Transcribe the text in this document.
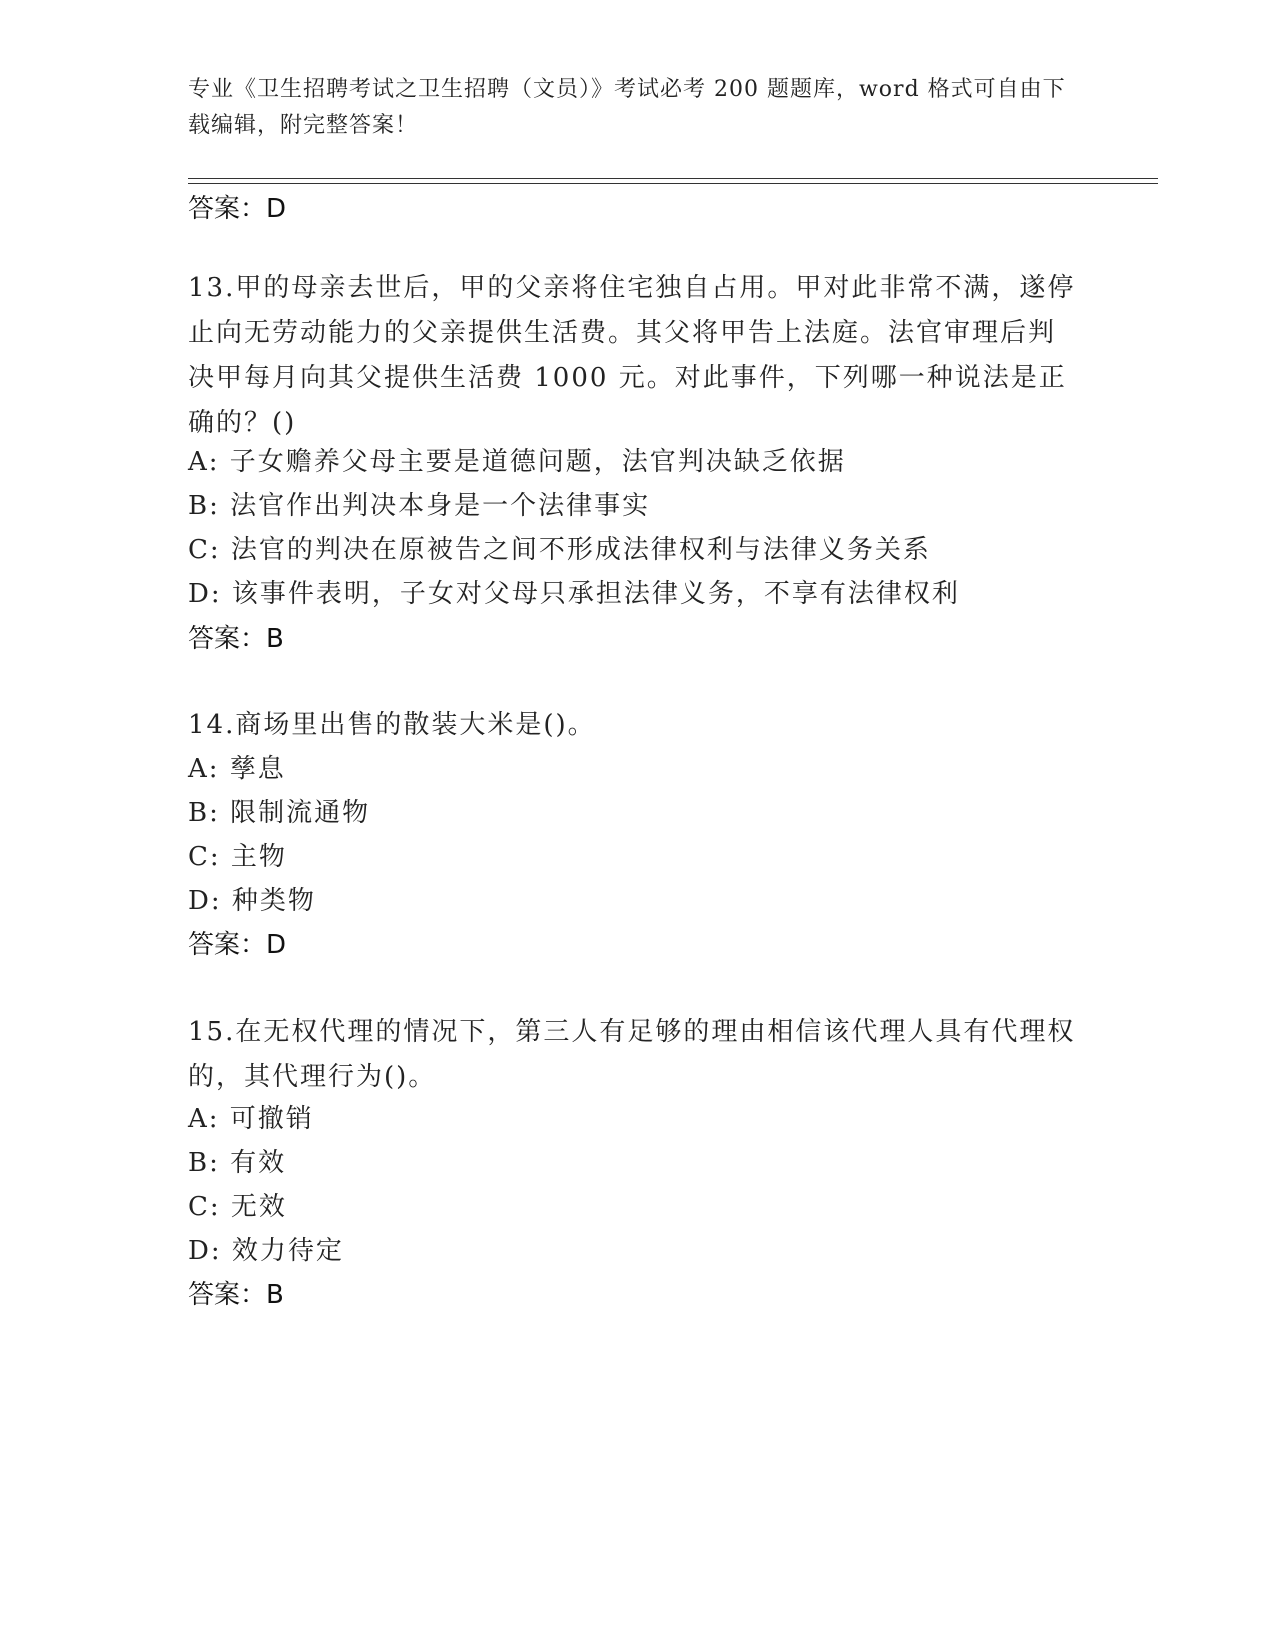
专业《卫生招聘考试之卫生招聘（文员）》考试必考 200 题题库，word 格式可自由下载编辑，附完整答案！
答案：D
13.甲的母亲去世后，甲的父亲将住宅独自占用。甲对此非常不满，遂停止向无劳动能力的父亲提供生活费。其父将甲告上法庭。法官审理后判决甲每月向其父提供生活费 1000 元。对此事件，下列哪一种说法是正确的？()
A: 子女赡养父母主要是道德问题，法官判决缺乏依据
B: 法官作出判决本身是一个法律事实
C: 法官的判决在原被告之间不形成法律权利与法律义务关系
D: 该事件表明，子女对父母只承担法律义务，不享有法律权利
答案：B
14.商场里出售的散装大米是()。
A: 孳息
B: 限制流通物
C: 主物
D: 种类物
答案：D
15.在无权代理的情况下，第三人有足够的理由相信该代理人具有代理权的，其代理行为()。
A: 可撤销
B: 有效
C: 无效
D: 效力待定
答案：B
